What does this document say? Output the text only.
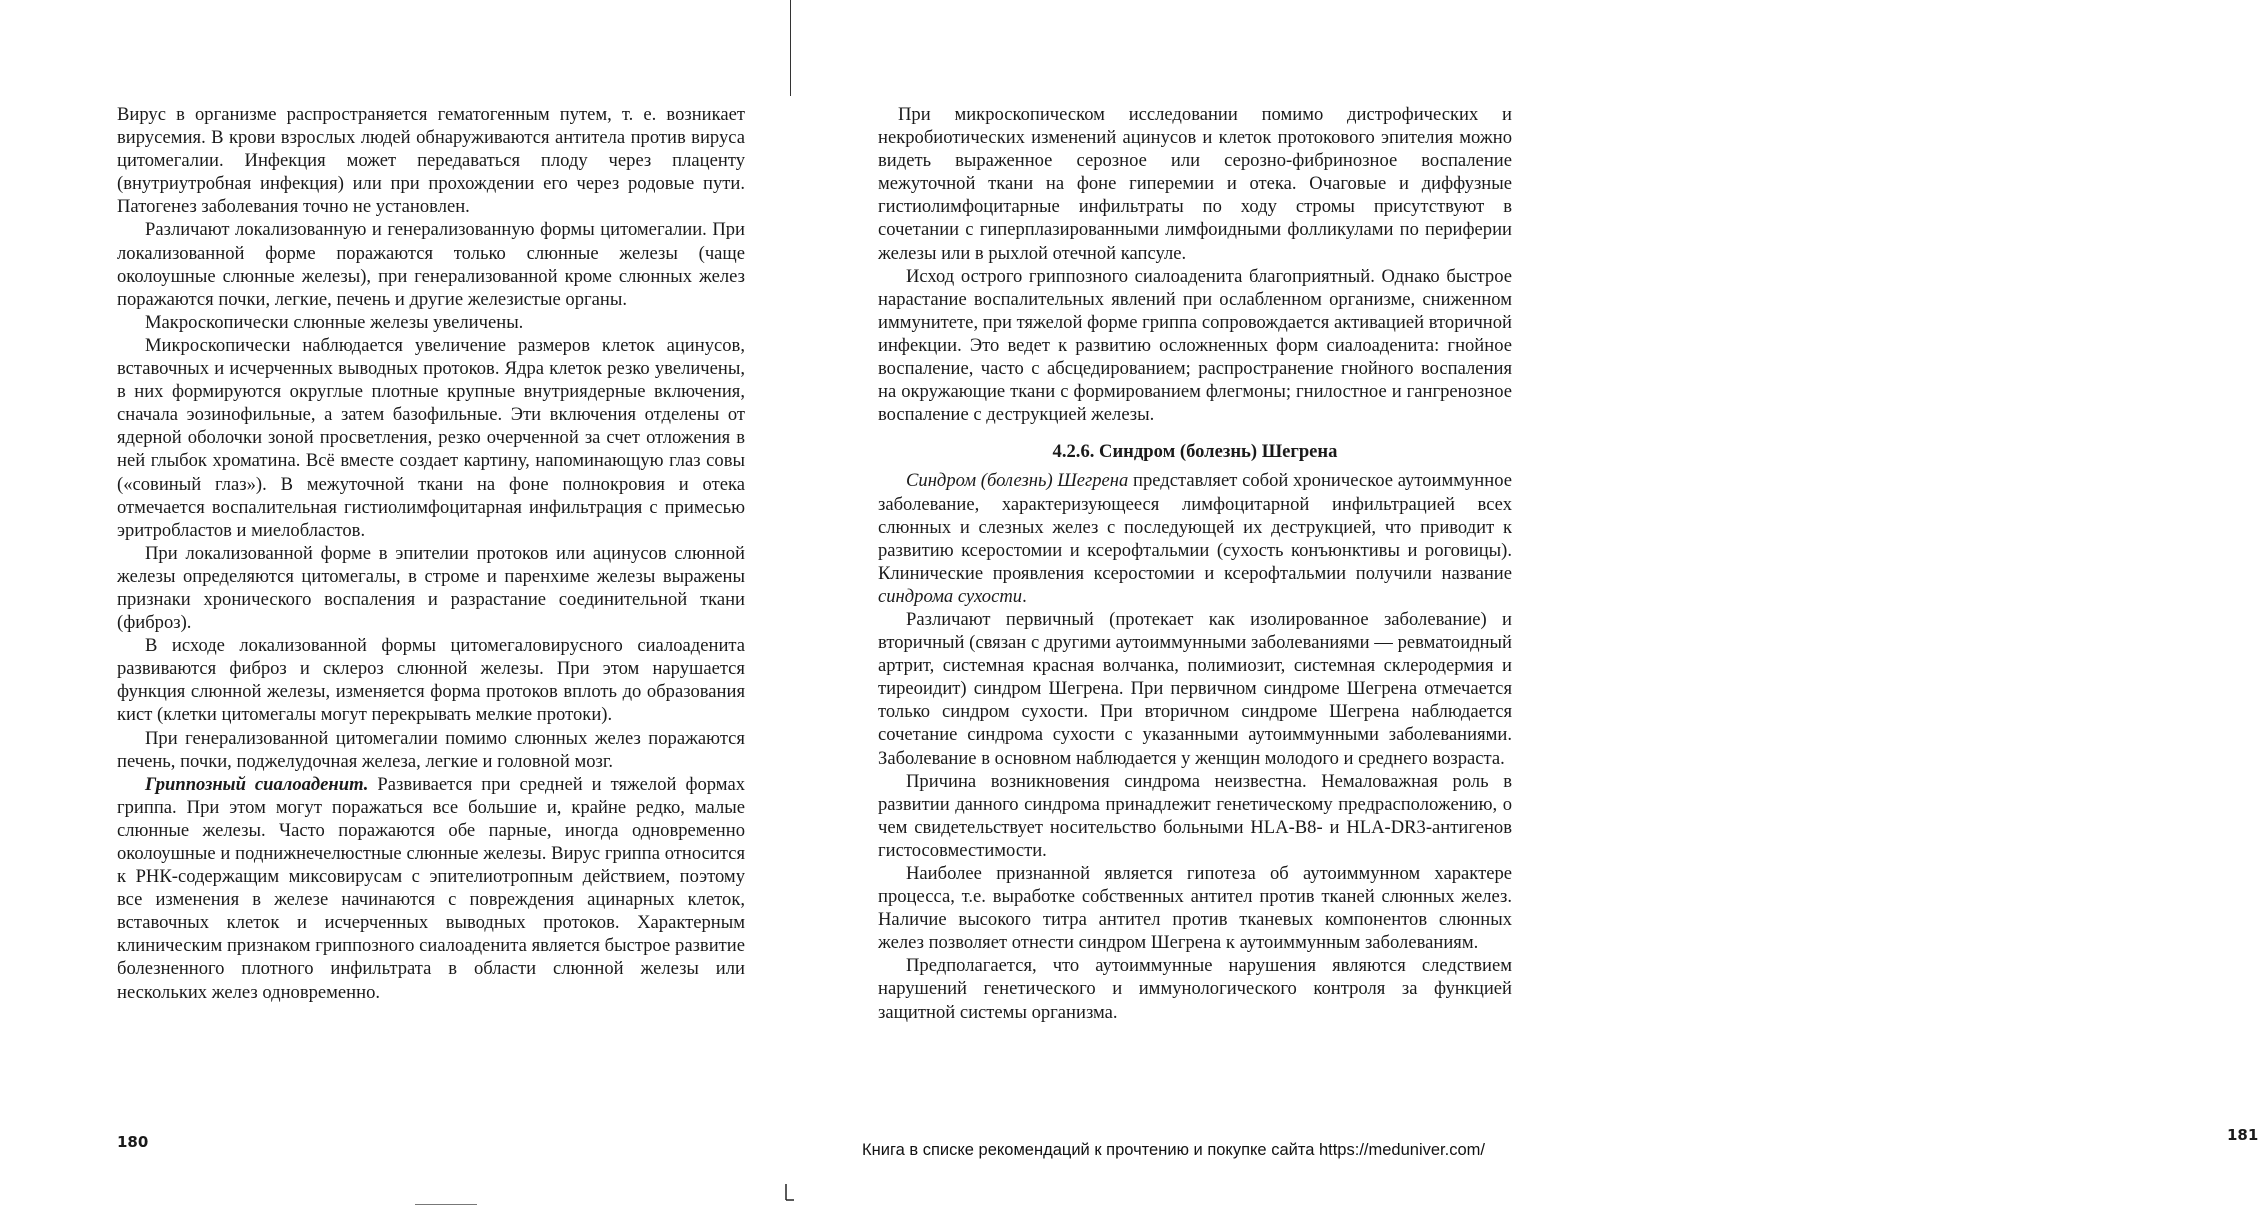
Вирус в организме распространяется гематогенным путем, т. е. возникает вирусемия. В крови взрослых людей обнаруживаются антитела против вируса цитомегалии. Инфекция может передаваться плоду через плаценту (внутриутробная инфекция) или при прохождении его через родовые пути. Патогенез заболевания точно не установлен.

Различают локализованную и генерализованную формы цитомегалии. При локализованной форме поражаются только слюнные железы (чаще околоушные слюнные железы), при генерализованной кроме слюнных желез поражаются почки, легкие, печень и другие железистые органы.

Макроскопически слюнные железы увеличены.

Микроскопически наблюдается увеличение размеров клеток ацинусов, вставочных и исчерченных выводных протоков. Ядра клеток резко увеличены, в них формируются округлые плотные крупные внутриядерные включения, сначала эозинофильные, а затем базофильные. Эти включения отделены от ядерной оболочки зоной просветления, резко очерченной за счет отложения в ней глыбок хроматина. Всё вместе создает картину, напоминающую глаз совы («совиный глаз»). В межуточной ткани на фоне полнокровия и отека отмечается воспалительная гистиолимфоцитарная инфильтрация с примесью эритробластов и миелобластов.

При локализованной форме в эпителии протоков или ацинусов слюнной железы определяются цитомегалы, в строме и паренхиме железы выражены признаки хронического воспаления и разрастание соединительной ткани (фиброз).

В исходе локализованной формы цитомегаловирусного сиалоаденита развиваются фиброз и склероз слюнной железы. При этом нарушается функция слюнной железы, изменяется форма протоков вплоть до образования кист (клетки цитомегалы могут перекрывать мелкие протоки).

При генерализованной цитомегалии помимо слюнных желез поражаются печень, почки, поджелудочная железа, легкие и головной мозг.

Гриппозный сиалоаденит. Развивается при средней и тяжелой формах гриппа. При этом могут поражаться все большие и, крайне редко, малые слюнные железы. Часто поражаются обе парные, иногда одновременно околоушные и поднижнечелюстные слюнные железы. Вирус гриппа относится к РНК-содержащим миксовирусам с эпителиотропным действием, поэтому все изменения в железе начинаются с повреждения ацинарных клеток, вставочных клеток и исчерченных выводных протоков. Характерным клиническим признаком гриппозного сиалоаденита является быстрое развитие болезненного плотного инфильтрата в области слюнной железы или нескольких желез одновременно.

180

При микроскопическом исследовании помимо дистрофических и некробиотических изменений ацинусов и клеток протокового эпителия можно видеть выраженное серозное или серозно-фибринозное воспаление межуточной ткани на фоне гиперемии и отека. Очаговые и диффузные гистиолимфоцитарные инфильтраты по ходу стромы присутствуют в сочетании с гиперплазированными лимфоидными фолликулами по периферии железы или в рыхлой отечной капсуле.

Исход острого гриппозного сиалоаденита благоприятный. Однако быстрое нарастание воспалительных явлений при ослабленном организме, сниженном иммунитете, при тяжелой форме гриппа сопровождается активацией вторичной инфекции. Это ведет к развитию осложненных форм сиалоаденита: гнойное воспаление, часто с абсцедированием; распространение гнойного воспаления на окружающие ткани с формированием флегмоны; гнилостное и гангренозное воспаление с деструкцией железы.

4.2.6. Синдром (болезнь) Шегрена

Синдром (болезнь) Шегрена представляет собой хроническое аутоиммунное заболевание, характеризующееся лимфоцитарной инфильтрацией всех слюнных и слезных желез с последующей их деструкцией, что приводит к развитию ксеростомии и ксерофтальмии (сухость конъюнктивы и роговицы). Клинические проявления ксеростомии и ксерофтальмии получили название синдрома сухости.

Различают первичный (протекает как изолированное заболевание) и вторичный (связан с другими аутоиммунными заболеваниями — ревматоидный артрит, системная красная волчанка, полимиозит, системная склеродермия и тиреоидит) синдром Шегрена. При первичном синдроме Шегрена отмечается только синдром сухости. При вторичном синдроме Шегрена наблюдается сочетание синдрома сухости с указанными аутоиммунными заболеваниями. Заболевание в основном наблюдается у женщин молодого и среднего возраста.

Причина возникновения синдрома неизвестна. Немаловажная роль в развитии данного синдрома принадлежит генетическому предрасположению, о чем свидетельствует носительство больными HLA-B8- и HLA-DR3-антигенов гистосовместимости.

Наиболее признанной является гипотеза об аутоиммунном характере процесса, т.е. выработке собственных антител против тканей слюнных желез. Наличие высокого титра антител против тканевых компонентов слюнных желез позволяет отнести синдром Шегрена к аутоиммунным заболеваниям.

Предполагается, что аутоиммунные нарушения являются следствием нарушений генетического и иммунологического контроля за функцией защитной системы организма.

181
Книга в списке рекомендаций к прочтению и покупке сайта https://meduniver.com/
